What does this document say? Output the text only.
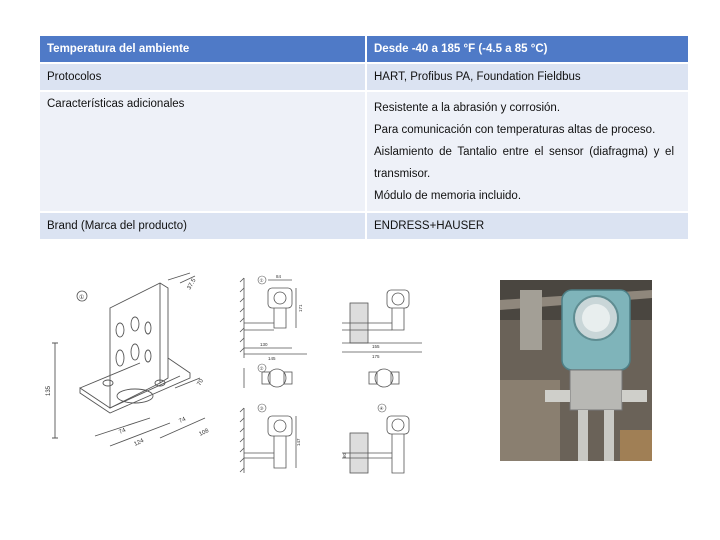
Temperatura del ambiente	Desde -40 a 185 °F (-4.5 a 85 °C)
Protocolos	HART, Profibus PA, Foundation Fieldbus
Características adicionales	Resistente a la abrasión y corrosión.
Para comunicación con temperaturas altas de proceso.
Aislamiento de Tantalio entre el sensor (diafragma) y el
transmisor.
Módulo de memoria incluido.

Brand (Marca del producto)	ENDRESS+HAUSER
①
37.5
135
70
74
124
74
108
①
②
③	④
84
171
130
145
155
175
147
60
